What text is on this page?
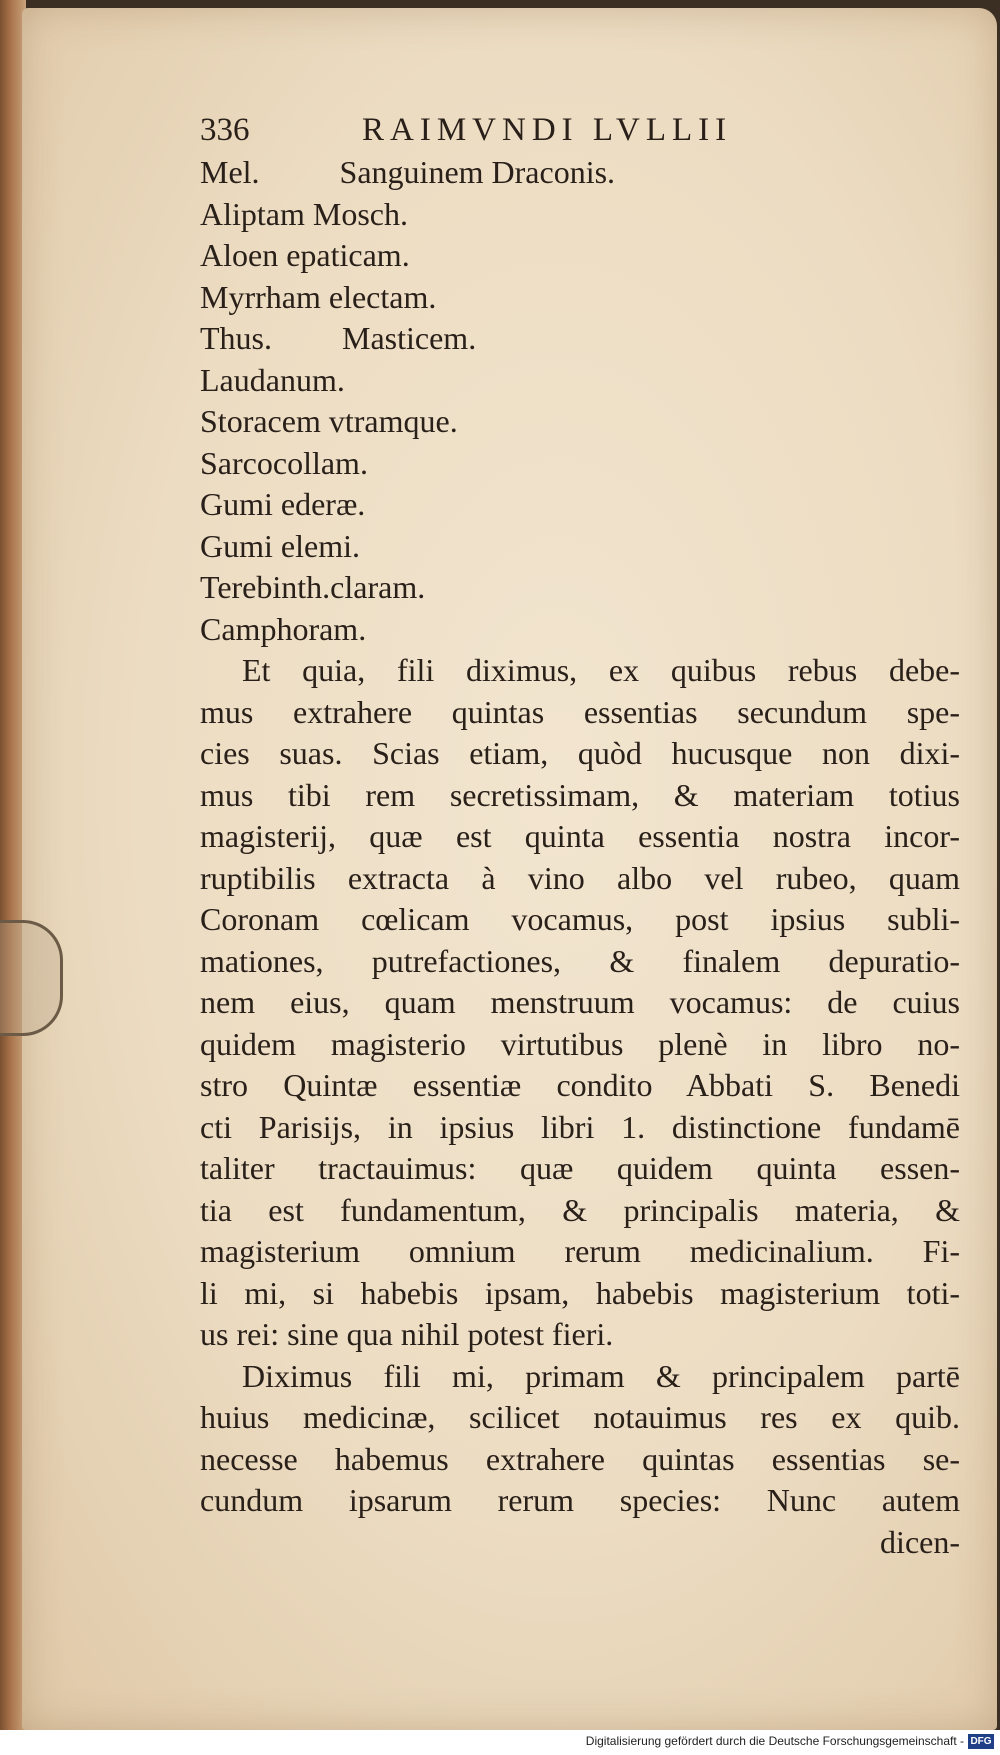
336	RAIMVNDI LVLLII
Mel.	Sanguinem Draconis.
Aliptam Mosch.
Aloen epaticam.
Myrrham electam.
Thus. Masticem.
Laudanum.
Storacem vtramque.
Sarcocollam.
Gumi ederæ.
Gumi elemi.
Terebinth.claram.
Camphoram.
Et quia, fili diximus, ex quibus rebus debe-
mus extrahere quintas essentias secundum spe-
cies suas. Scias etiam, quòd hucusque non dixi-
mus tibi rem secretissimam, & materiam totius
magisterij, quæ est quinta essentia nostra incor-
ruptibilis extracta à vino albo vel rubeo, quam
Coronam cœlicam vocamus, post ipsius subli-
mationes, putrefactiones, & finalem depuratio-
nem eius, quam menstruum vocamus: de cuius
quidem magisterio virtutibus plenè in libro no-
stro Quintæ essentiæ condito Abbati S. Benedi
cti Parisijs, in ipsius libri 1. distinctione fundamē
taliter tractauimus: quæ quidem quinta essen-
tia est fundamentum, & principalis materia, &
magisterium omnium rerum medicinalium. Fi-
li mi, si habebis ipsam, habebis magisterium toti-
us rei: sine qua nihil potest fieri.
Diximus fili mi, primam & principalem partē
huius medicinæ, scilicet notauimus res ex quib.
necesse habemus extrahere quintas essentias se-
cundum ipsarum rerum species: Nunc autem
dicen-
Digitalisierung gefördert durch die Deutsche Forschungsgemeinschaft - DFG
